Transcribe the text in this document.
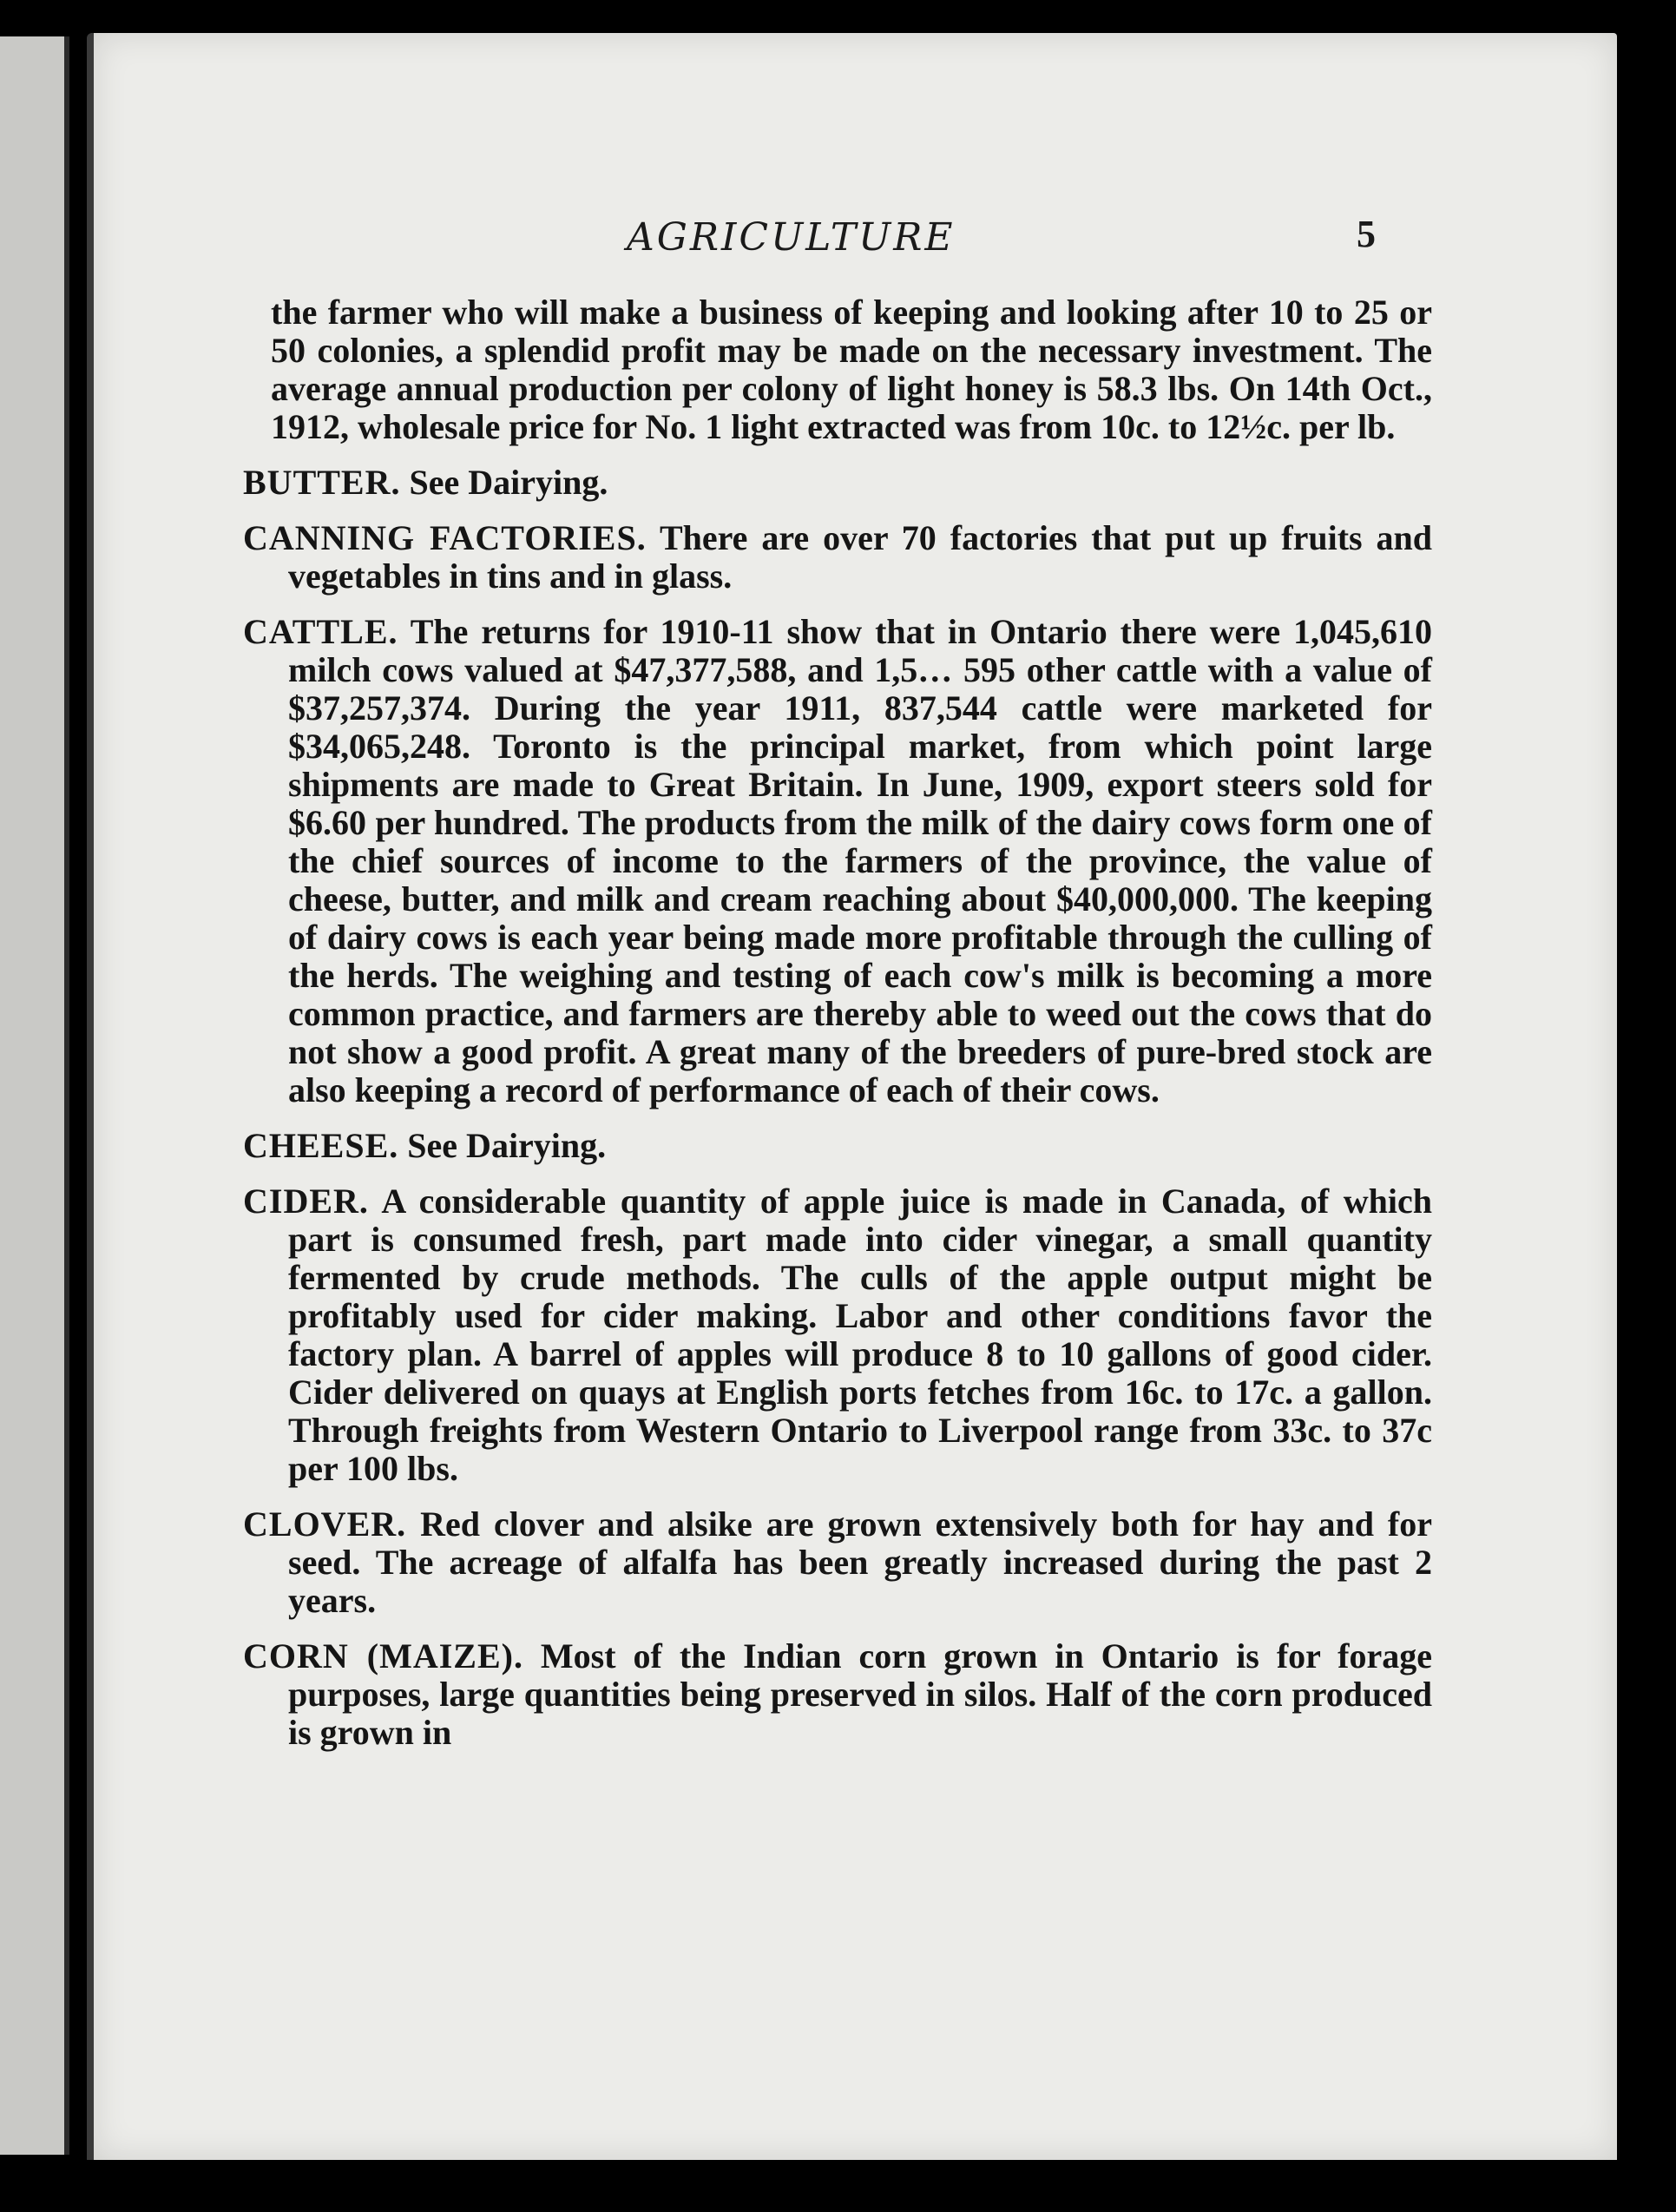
AGRICULTURE	5

the farmer who will make a business of keeping and looking after 10 to 25 or 50 colonies, a splendid profit may be made on the necessary investment. The average annual production per colony of light honey is 58.3 lbs. On 14th Oct., 1912, wholesale price for No. 1 light extracted was from 10c. to 12½c. per lb.

BUTTER. See Dairying.

CANNING FACTORIES. There are over 70 factories that put up fruits and vegetables in tins and in glass.

CATTLE. The returns for 1910-11 show that in Ontario there were 1,045,610 milch cows valued at $47,377,588, and 1,5… 595 other cattle with a value of $37,257,374. During the year 1911, 837,544 cattle were marketed for $34,065,248. Toronto is the principal market, from which point large shipments are made to Great Britain. In June, 1909, export steers sold for $6.60 per hundred. The products from the milk of the dairy cows form one of the chief sources of income to the farmers of the province, the value of cheese, butter, and milk and cream reaching about $40,000,000. The keeping of dairy cows is each year being made more profitable through the culling of the herds. The weighing and testing of each cow's milk is becoming a more common practice, and farmers are thereby able to weed out the cows that do not show a good profit. A great many of the breeders of pure-bred stock are also keeping a record of performance of each of their cows.

CHEESE. See Dairying.

CIDER. A considerable quantity of apple juice is made in Canada, of which part is consumed fresh, part made into cider vinegar, a small quantity fermented by crude methods. The culls of the apple output might be profitably used for cider making. Labor and other conditions favor the factory plan. A barrel of apples will produce 8 to 10 gallons of good cider. Cider delivered on quays at English ports fetches from 16c. to 17c. a gallon. Through freights from Western Ontario to Liverpool range from 33c. to 37c per 100 lbs.

CLOVER. Red clover and alsike are grown extensively both for hay and for seed. The acreage of alfalfa has been greatly increased during the past 2 years.

CORN (MAIZE). Most of the Indian corn grown in Ontario is for forage purposes, large quantities being preserved in silos. Half of the corn produced is grown in
